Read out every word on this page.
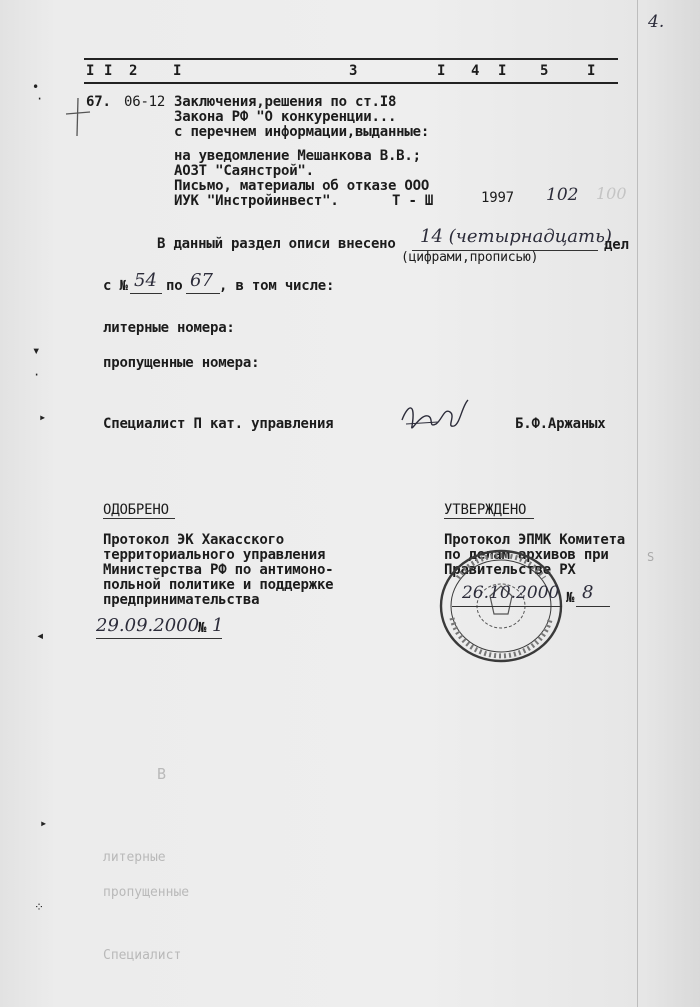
4.
I I 2	I	3	I 4 I 5	I
67. 06-12 Заключения,решения по ст.I8
Закона РФ "О конкуренции...
с перечнем информации,выданные:
на уведомление Мешанкова В.В.;
АОЗТ "Саянстрой".
Письмо, материалы об отказе ООО
ИУК "Инстройинвест".	Т - Ш	1997 102 100
В данный раздел описи внесено 14 (четырнадцать)
дел
(цифрами,прописью)
с № 54 по 67 , в том числе:
литерные номера:
пропущенные номера:
Специалист П кат. управления	Б.Ф.Аржаных
ОДОБРЕНО
Протокол ЭК Хакасского
территориального управления
Министерства РФ по антимоно-
польной политике и поддержке
предпринимательства
29.09.2000
№ 1
УТВЕРЖДЕНО
Протокол ЭПМК Комитета
по делам архивов при
Правительстве РХ
26.10.2000 № 8
В
литерные
пропущенные
Специалист
•
·
▾
·
▸
◂
▸
⁘
S
